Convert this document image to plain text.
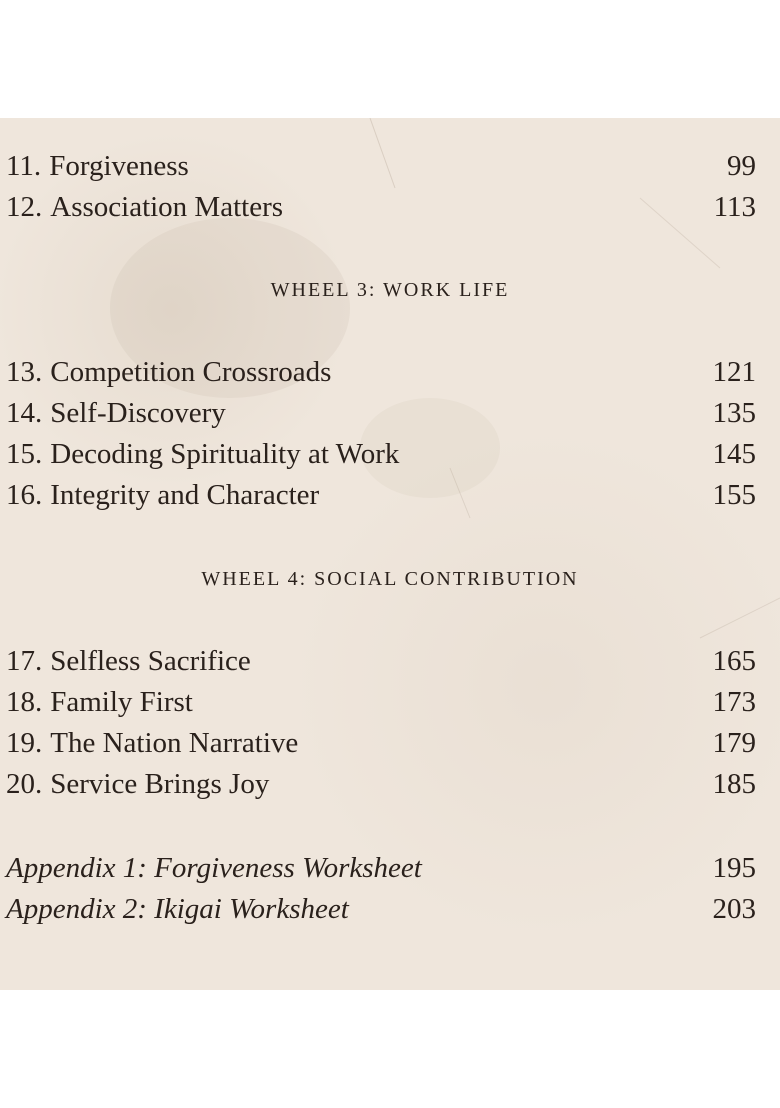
11. Forgiveness	99
12. Association Matters	113
WHEEL 3: WORK LIFE
13. Competition Crossroads	121
14. Self-Discovery	135
15. Decoding Spirituality at Work	145
16. Integrity and Character	155
WHEEL 4: SOCIAL CONTRIBUTION
17. Selfless Sacrifice	165
18. Family First	173
19. The Nation Narrative	179
20. Service Brings Joy	185
Appendix 1: Forgiveness Worksheet	195
Appendix 2: Ikigai Worksheet	203
